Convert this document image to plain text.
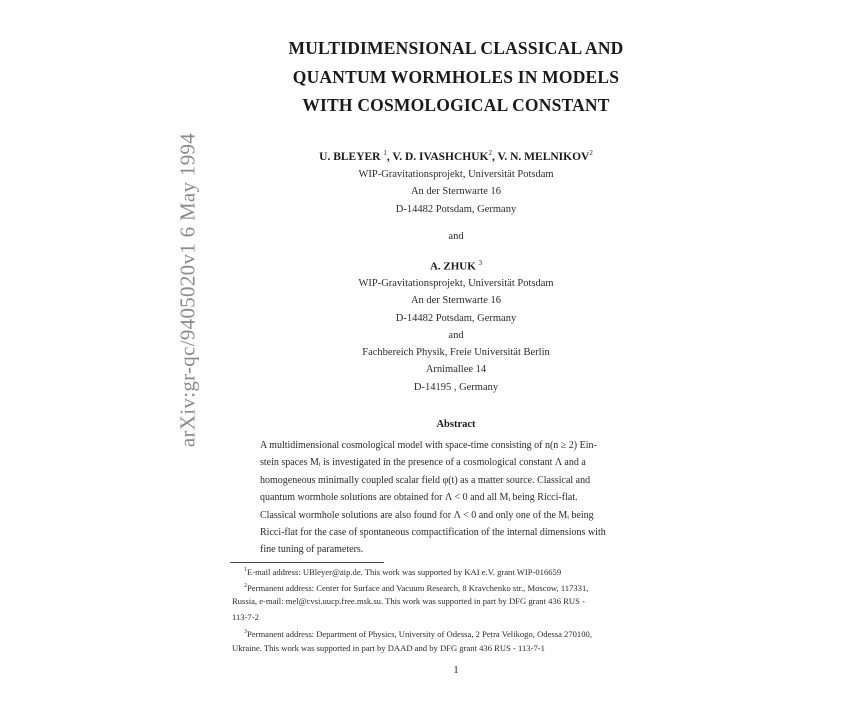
arXiv:gr-qc/9405020v1 6 May 1994
MULTIDIMENSIONAL CLASSICAL AND
QUANTUM WORMHOLES IN MODELS
WITH COSMOLOGICAL CONSTANT
U. BLEYER $^1$, V. D. IVASHCHUK$^2$, V. N. MELNIKOV$^2$
WIP-Gravitationsprojekt, Universität Potsdam
An der Sternwarte 16
D-14482 Potsdam, Germany
and
A. ZHUK $^3$
WIP-Gravitationsprojekt, Universität Potsdam
An der Sternwarte 16
D-14482 Potsdam, Germany
and
Fachbereich Physik, Freie Universität Berlin
Arnimallee 14
D-14195 , Germany
Abstract
A multidimensional cosmological model with space-time consisting of n(n ≥ 2) Ein-
stein spaces Mᵢ is investigated in the presence of a cosmological constant Λ and a
homogeneous minimally coupled scalar field φ(t) as a matter source. Classical and
quantum wormhole solutions are obtained for Λ < 0 and all Mᵢ being Ricci-flat.
Classical wormhole solutions are also found for Λ < 0 and only one of the Mᵢ being
Ricci-flat for the case of spontaneous compactification of the internal dimensions with
fine tuning of parameters.
$^1$E-mail address: UBleyer@aip.de. This work was supported by KAI e.V. grant WIP-016659
$^2$Permanent address: Center for Surface and Vacuum Research, 8 Kravchenko str., Moscow, 117331,
Russia, e-mail: mel@cvsi.uucp.free.msk.su. This work was supported in part by DFG grant 436 RUS -
113-7-2
$^3$Permanent address: Department of Physics, University of Odessa, 2 Petra Velikogo, Odessa 270100,
Ukraine. This work was supported in part by DAAD and by DFG grant 436 RUS - 113-7-1
1
